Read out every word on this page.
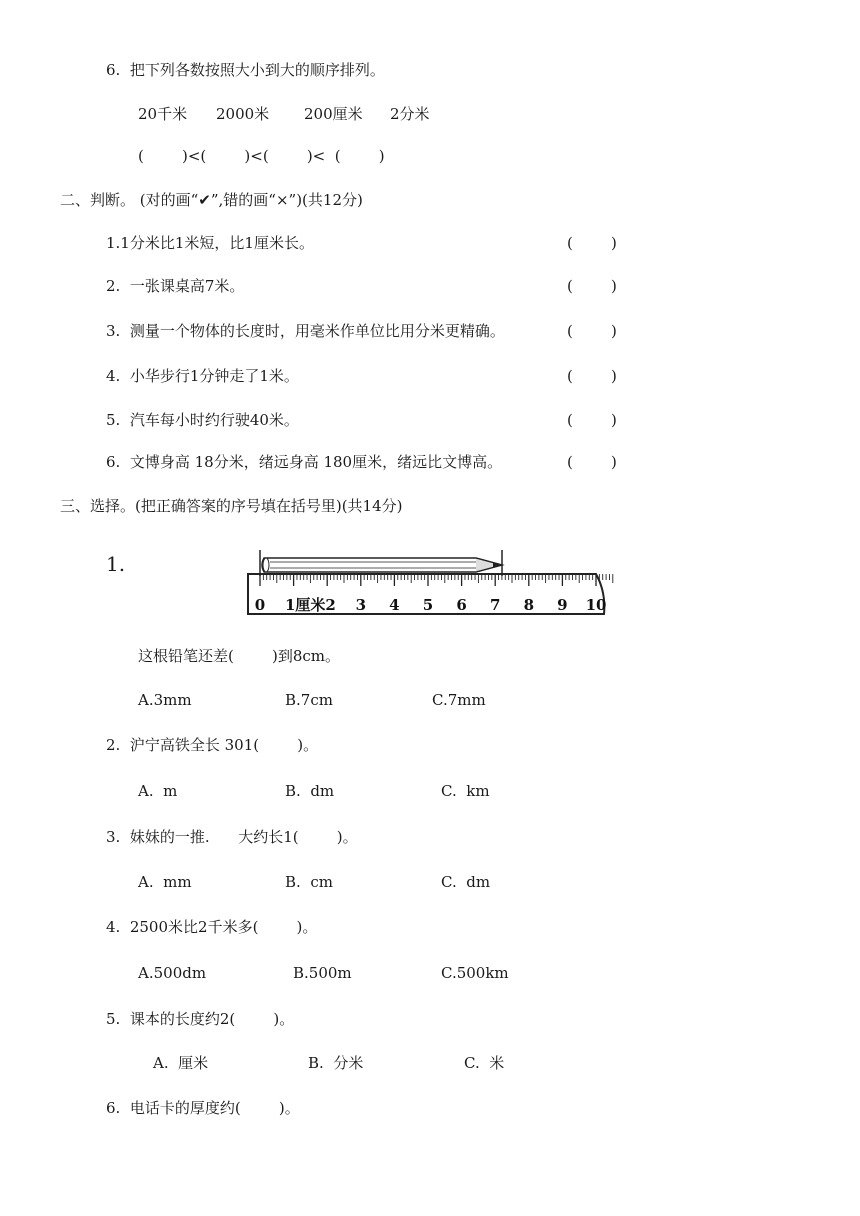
6.  把下列各数按照大小到大的顺序排列。
20千米 2000米 200厘米 2分米
(        )<(        )<(        )<  (        )
二、判断。 (对的画“✔”,错的画“×”)(共12分)
1.1分米比1米短，比1厘米长。	(        )
2.  一张课桌高7米。	(        )
3.  测量一个物体的长度时，用毫米作单位比用分米更精确。	(        )
4.  小华步行1分钟走了1米。	(        )
5.  汽车每小时约行驶40米。	(        )
6.  文博身高 18分米，绪远身高 180厘米，绪远比文博高。	(        )
三、选择。(把正确答案的序号填在括号里)(共14分)
1.
0 1厘米2 3 4 5 6 7 8 9 10
这根铅笔还差(        )到8cm。
A.3mm	B.7cm	C.7mm
2.  沪宁高铁全长 301(        )。
A.  m	B.  dm	C.  km
3.  妹妹的一推.      大约长1(        )。
A.  mm	B.  cm	C.  dm
4.  2500米比2千米多(        )。
A.500dm	B.500m	C.500km
5.  课本的长度约2(        )。
A.  厘米	B.  分米	C.  米
6.  电话卡的厚度约(        )。
